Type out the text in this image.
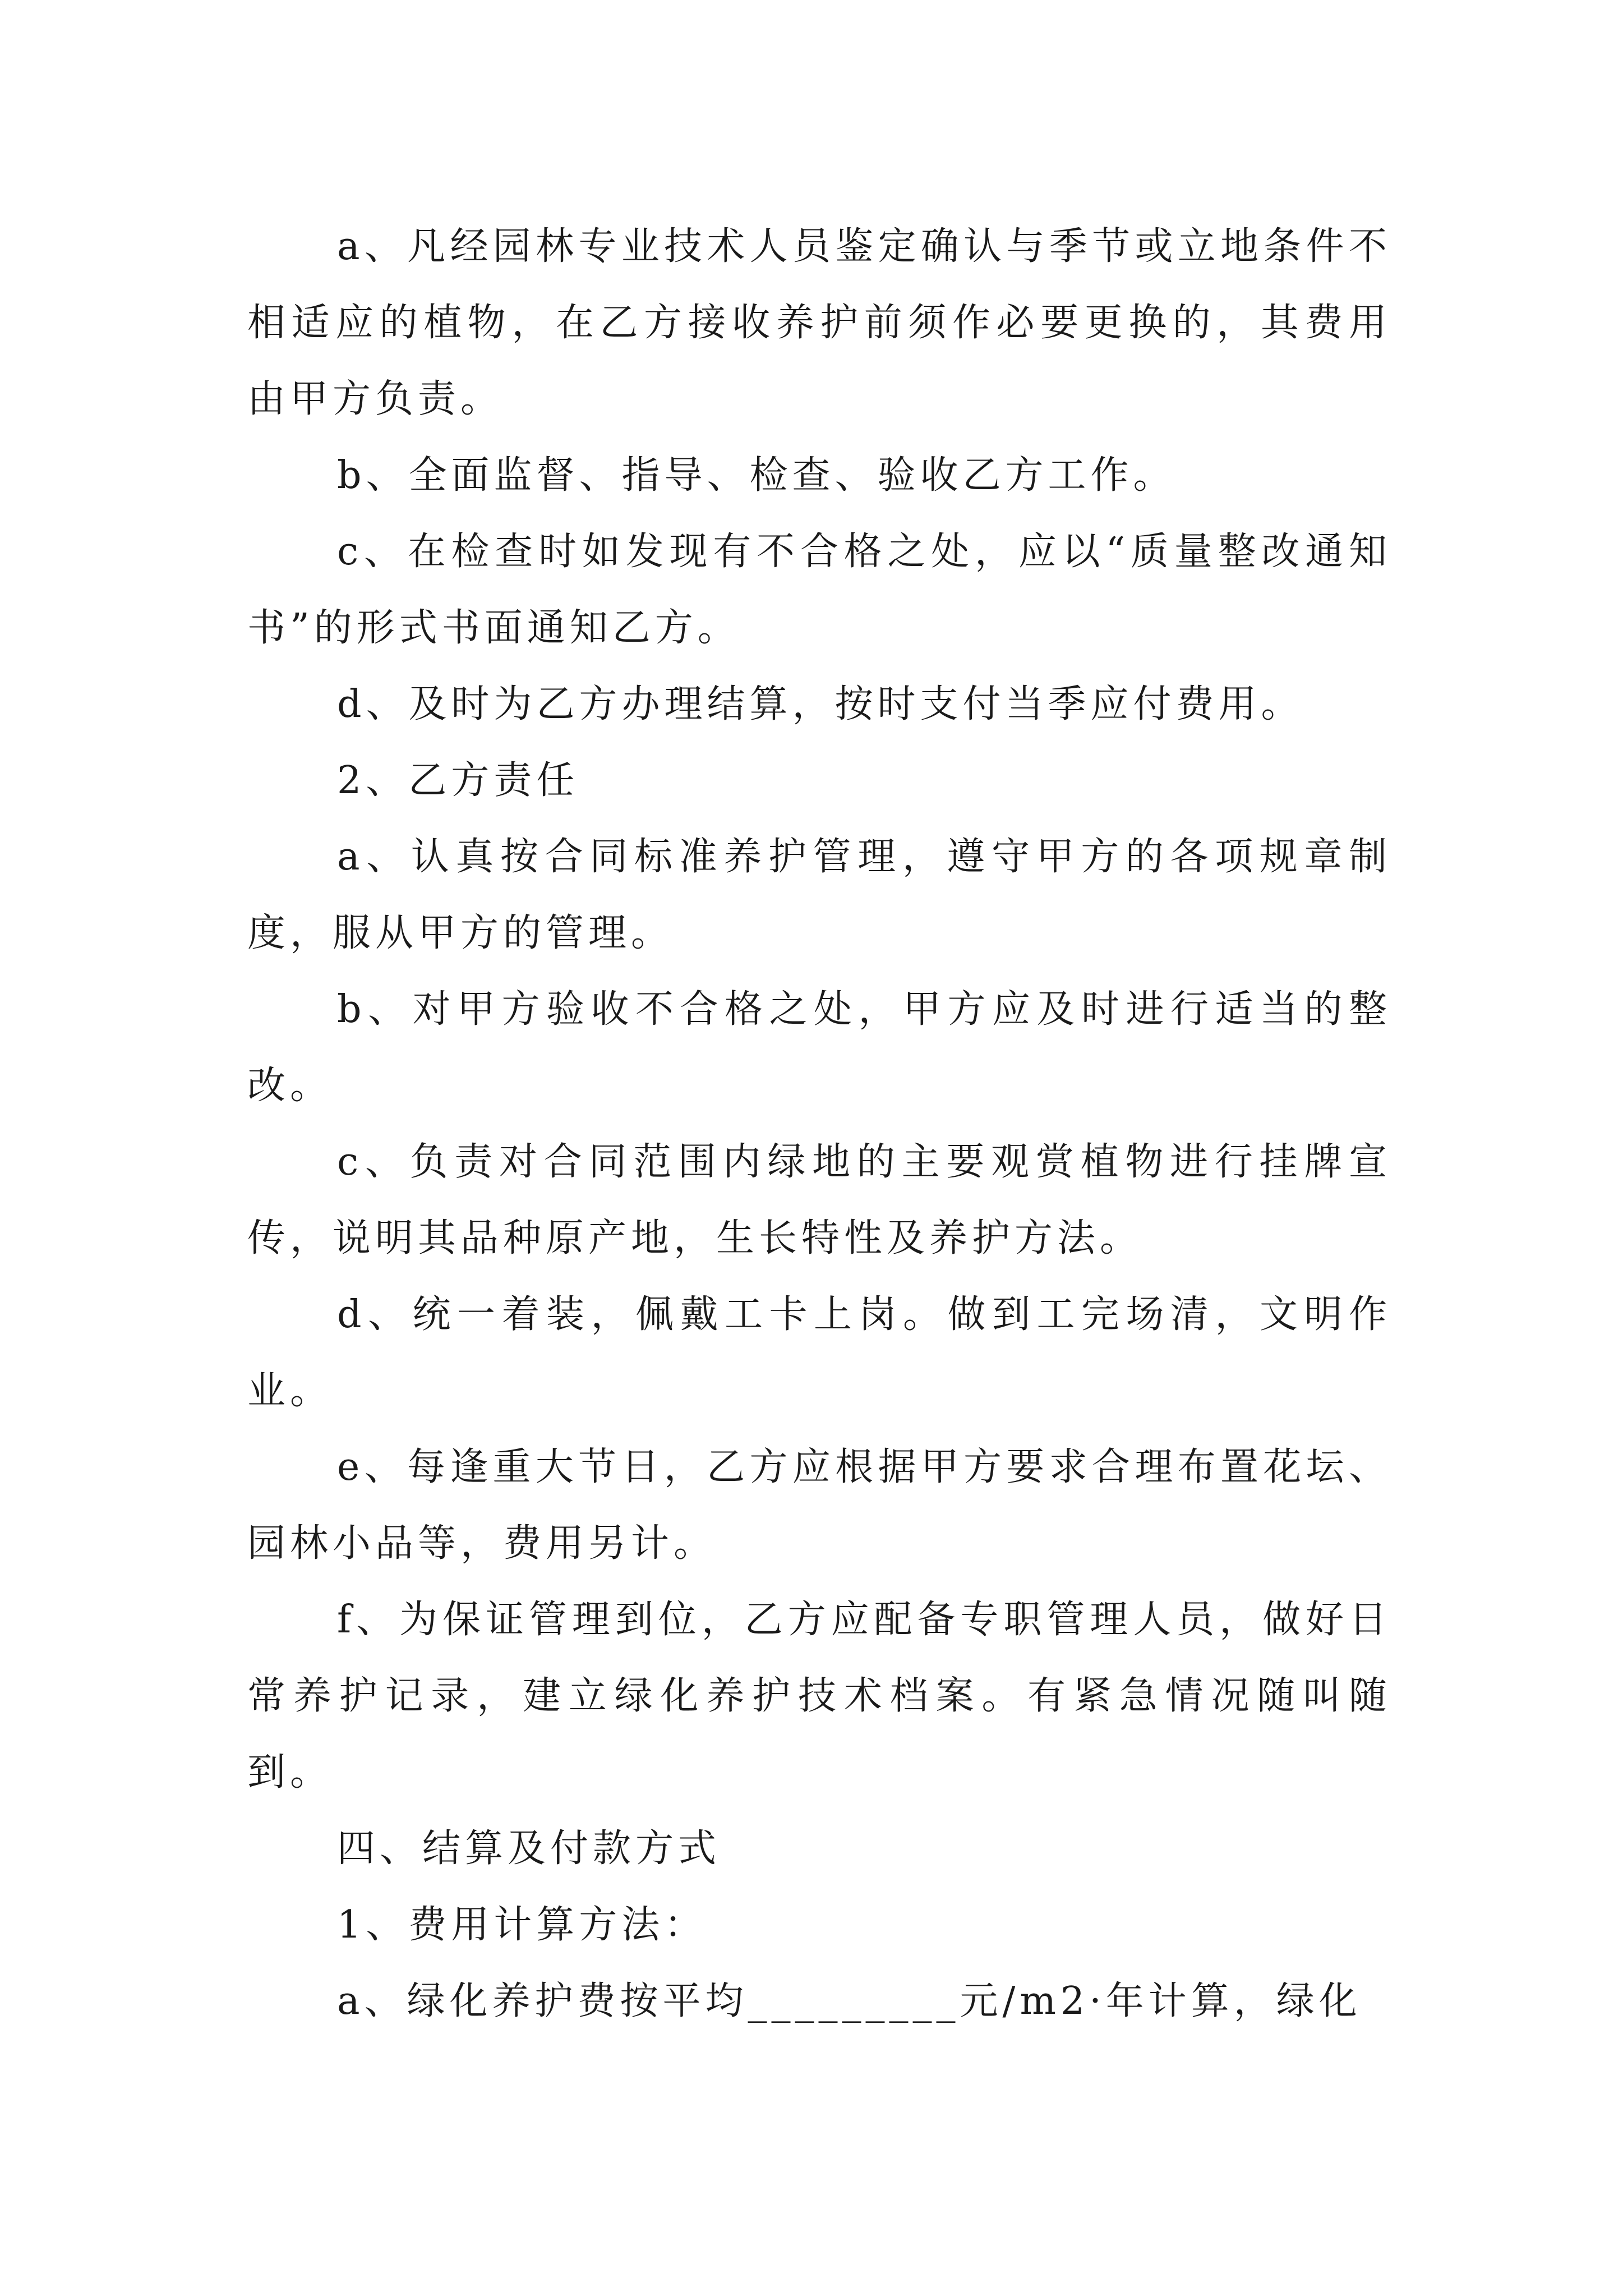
a、凡经园林专业技术人员鉴定确认与季节或立地条件不相适应的植物，在乙方接收养护前须作必要更换的，其费用由甲方负责。

b、全面监督、指导、检查、验收乙方工作。

c、在检查时如发现有不合格之处，应以“质量整改通知书”的形式书面通知乙方。

d、及时为乙方办理结算，按时支付当季应付费用。

2、乙方责任

a、认真按合同标准养护管理，遵守甲方的各项规章制度，服从甲方的管理。

b、对甲方验收不合格之处，甲方应及时进行适当的整改。

c、负责对合同范围内绿地的主要观赏植物进行挂牌宣传，说明其品种原产地，生长特性及养护方法。

d、统一着装，佩戴工卡上岗。做到工完场清，文明作业。

e、每逢重大节日，乙方应根据甲方要求合理布置花坛、园林小品等，费用另计。

f、为保证管理到位，乙方应配备专职管理人员，做好日常养护记录，建立绿化养护技术档案。有紧急情况随叫随到。

四、结算及付款方式

1、费用计算方法：

a、绿化养护费按平均_________元/m2·年计算，绿化
